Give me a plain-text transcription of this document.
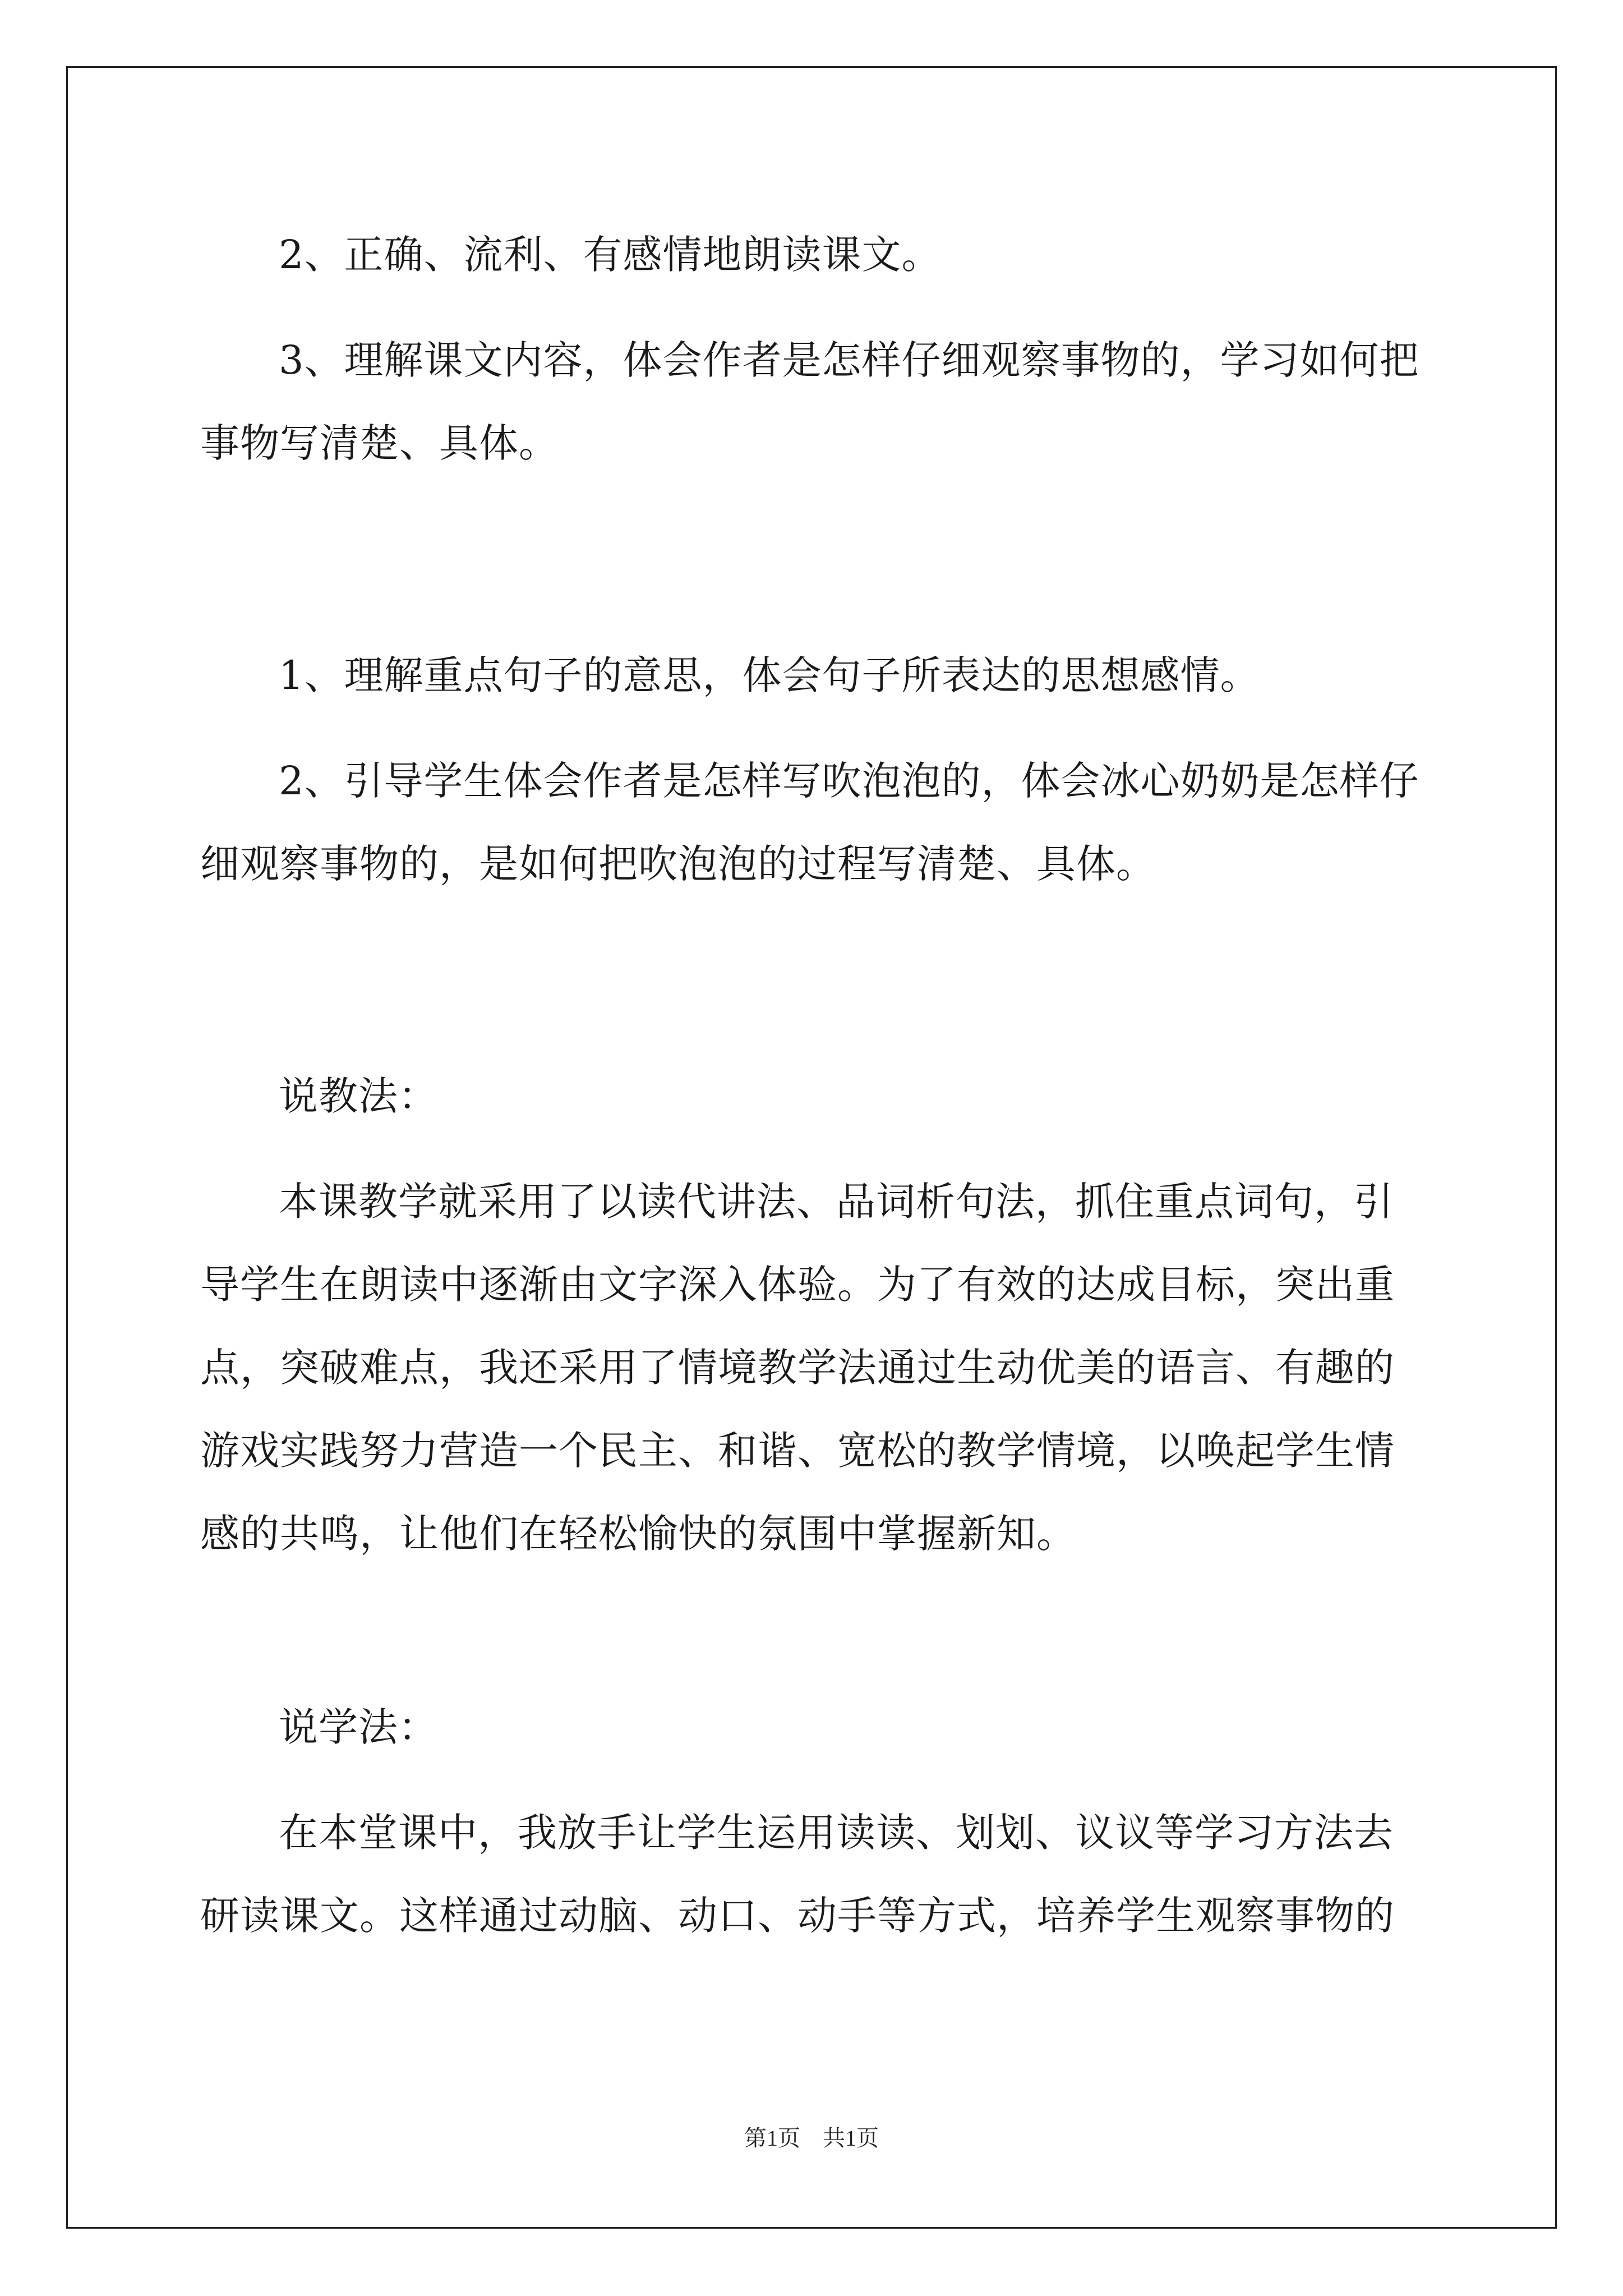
2、正确、流利、有感情地朗读课文。

3、理解课文内容，体会作者是怎样仔细观察事物的，学习如何把
事物写清楚、具体。

1、理解重点句子的意思，体会句子所表达的思想感情。

2、引导学生体会作者是怎样写吹泡泡的，体会冰心奶奶是怎样仔
细观察事物的，是如何把吹泡泡的过程写清楚、具体。

说教法：

本课教学就采用了以读代讲法、品词析句法，抓住重点词句，引
导学生在朗读中逐渐由文字深入体验。为了有效的达成目标，突出重
点，突破难点，我还采用了情境教学法通过生动优美的语言、有趣的
游戏实践努力营造一个民主、和谐、宽松的教学情境，以唤起学生情
感的共鸣，让他们在轻松愉快的氛围中掌握新知。

说学法：

在本堂课中，我放手让学生运用读读、划划、议议等学习方法去
研读课文。这样通过动脑、动口、动手等方式，培养学生观察事物的

第1页　共1页
